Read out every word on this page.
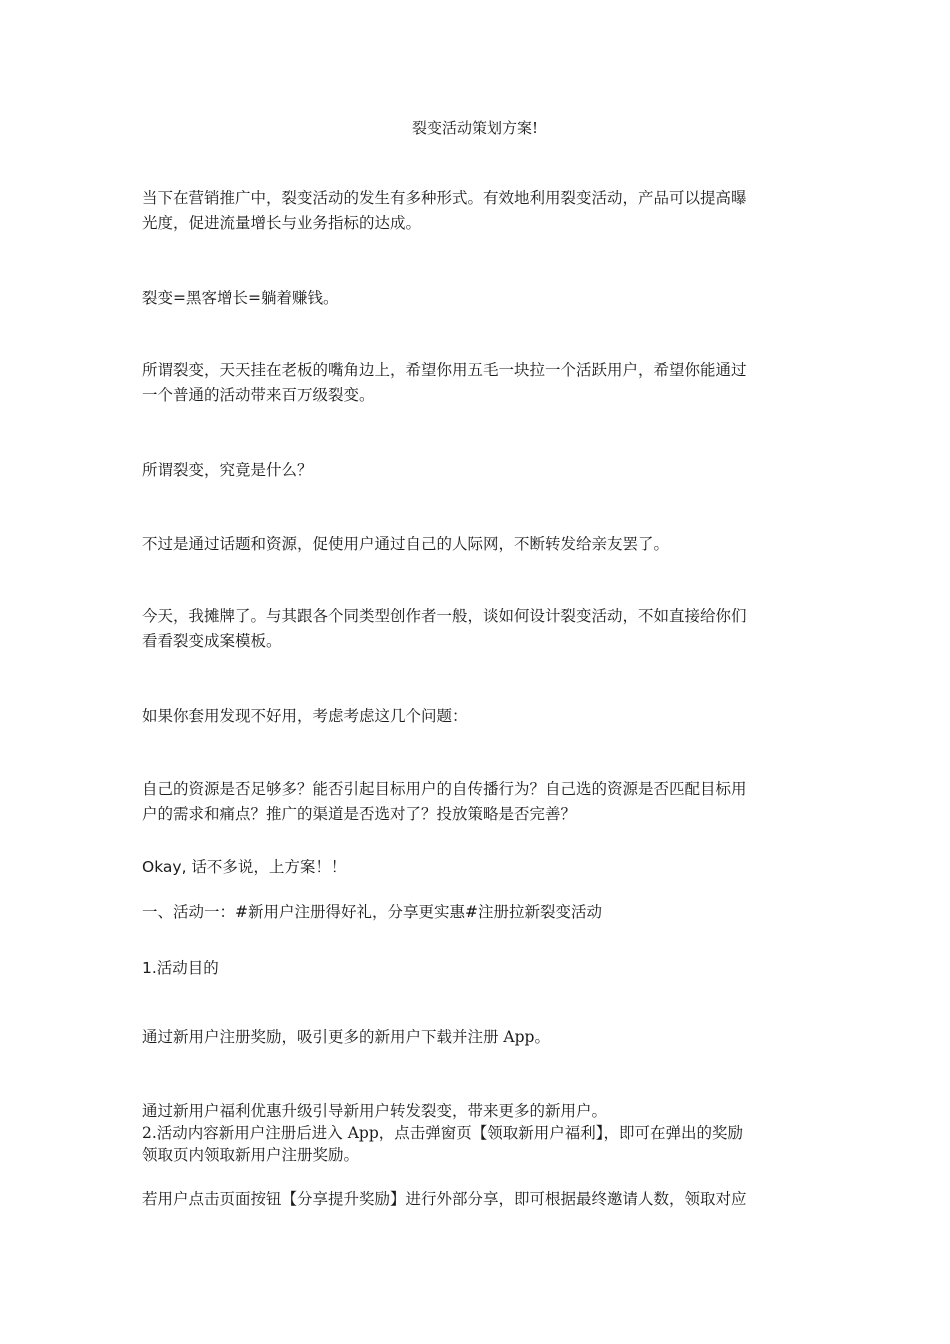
裂变活动策划方案!

当下在营销推广中，裂变活动的发生有多种形式。有效地利用裂变活动，产品可以提高曝
光度，促进流量增长与业务指标的达成。

裂变=黑客增长=躺着赚钱。

所谓裂变，天天挂在老板的嘴角边上，希望你用五毛一块拉一个活跃用户，希望你能通过
一个普通的活动带来百万级裂变。

所谓裂变，究竟是什么？

不过是通过话题和资源，促使用户通过自己的人际网，不断转发给亲友罢了。

今天，我摊牌了。与其跟各个同类型创作者一般，谈如何设计裂变活动，不如直接给你们
看看裂变成案模板。

如果你套用发现不好用，考虑考虑这几个问题：

自己的资源是否足够多？能否引起目标用户的自传播行为？自己选的资源是否匹配目标用
户的需求和痛点？推广的渠道是否选对了？投放策略是否完善？

Okay, 话不多说，上方案！！

一、活动一：#新用户注册得好礼，分享更实惠#注册拉新裂变活动

1.活动目的

通过新用户注册奖励，吸引更多的新用户下载并注册 App。

通过新用户福利优惠升级引导新用户转发裂变，带来更多的新用户。
2.活动内容新用户注册后进入 App，点击弹窗页【领取新用户福利】，即可在弹出的奖励
领取页内领取新用户注册奖励。

若用户点击页面按钮【分享提升奖励】进行外部分享，即可根据最终邀请人数，领取对应
